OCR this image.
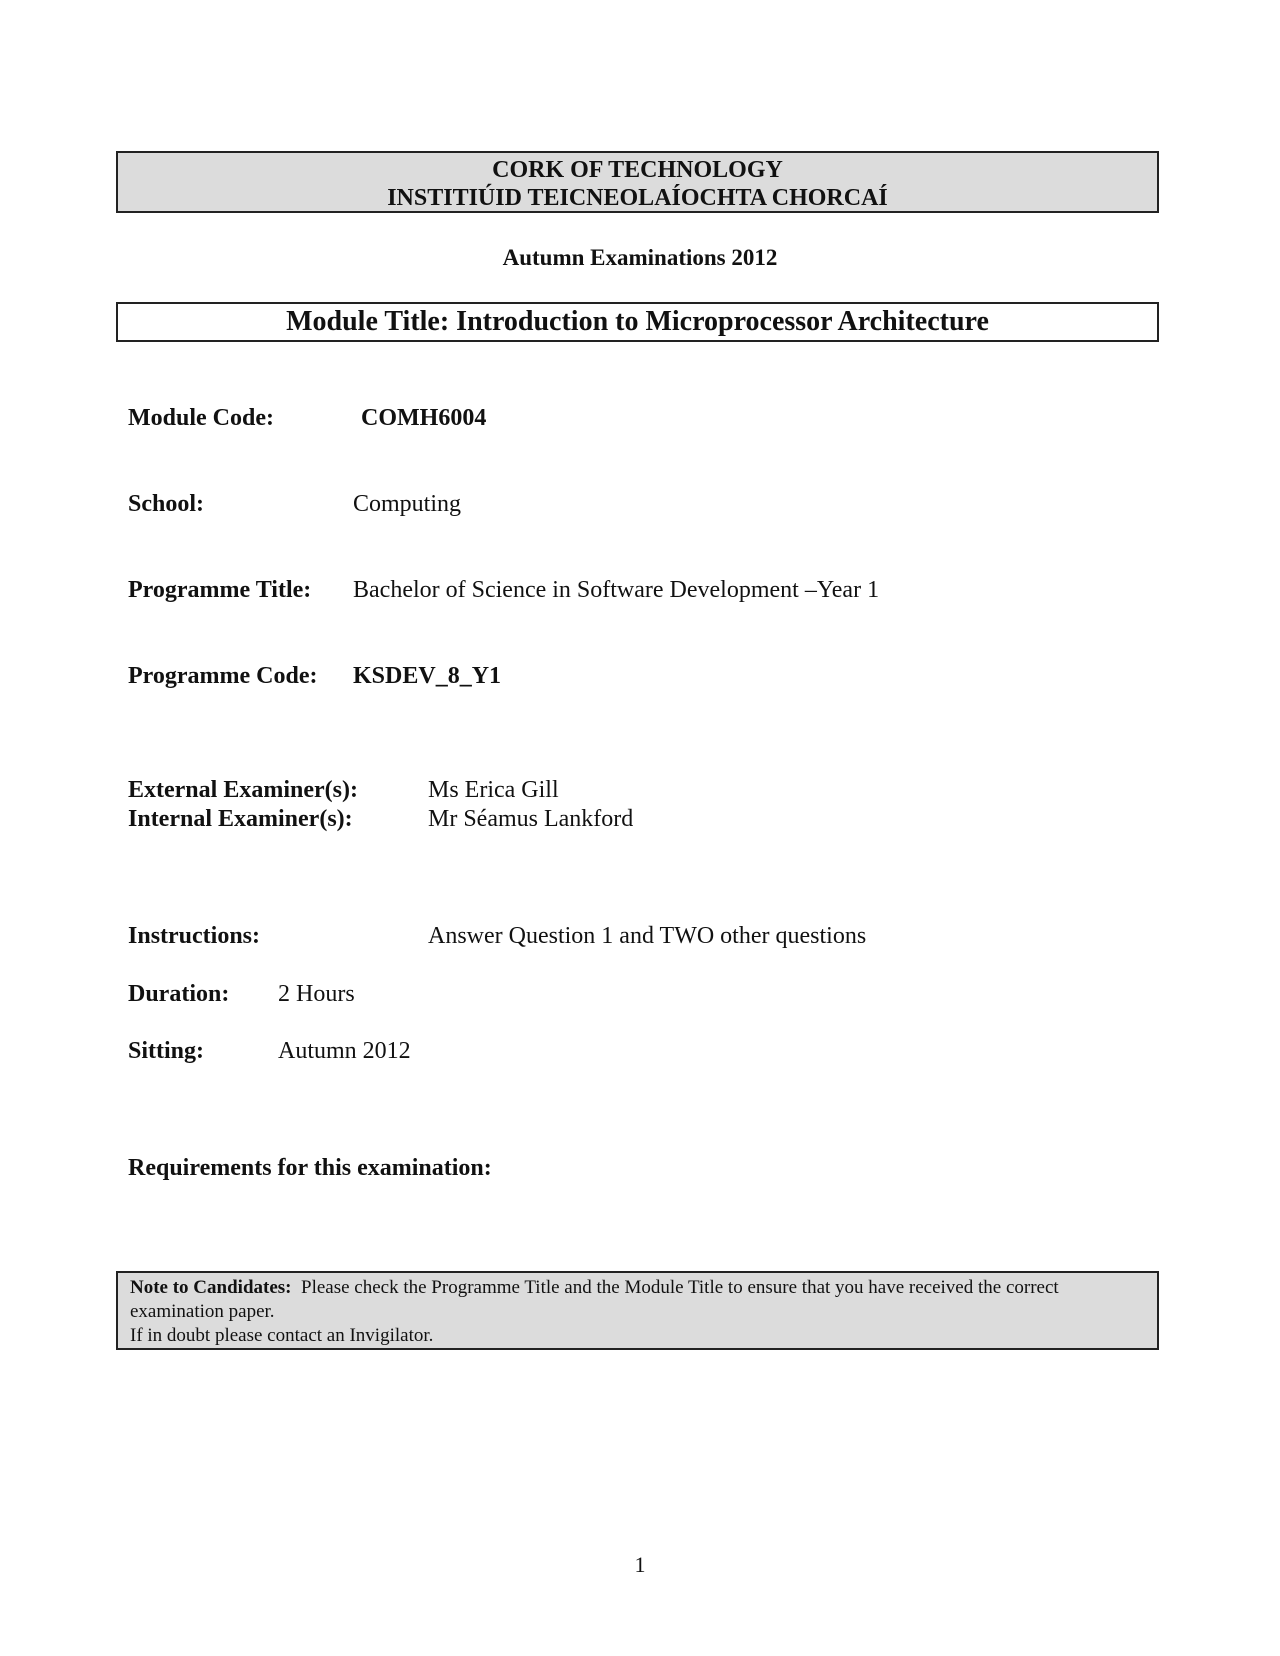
CORK OF TECHNOLOGY
INSTITIÚID TEICNEOLAÍOCHTA CHORCAÍ
Autumn Examinations 2012
Module Title: Introduction to Microprocessor Architecture
Module Code:	COMH6004
School:	Computing
Programme Title: Bachelor of Science in Software Development –Year 1
Programme Code: KSDEV_8_Y1
External Examiner(s):	Ms Erica Gill
Internal Examiner(s):	Mr Séamus Lankford
Instructions:	Answer Question 1 and TWO other questions
Duration: 2 Hours
Sitting:	Autumn 2012
Requirements for this examination:
Note to Candidates: Please check the Programme Title and the Module Title to ensure that you have received the correct examination paper.
If in doubt please contact an Invigilator.
1
